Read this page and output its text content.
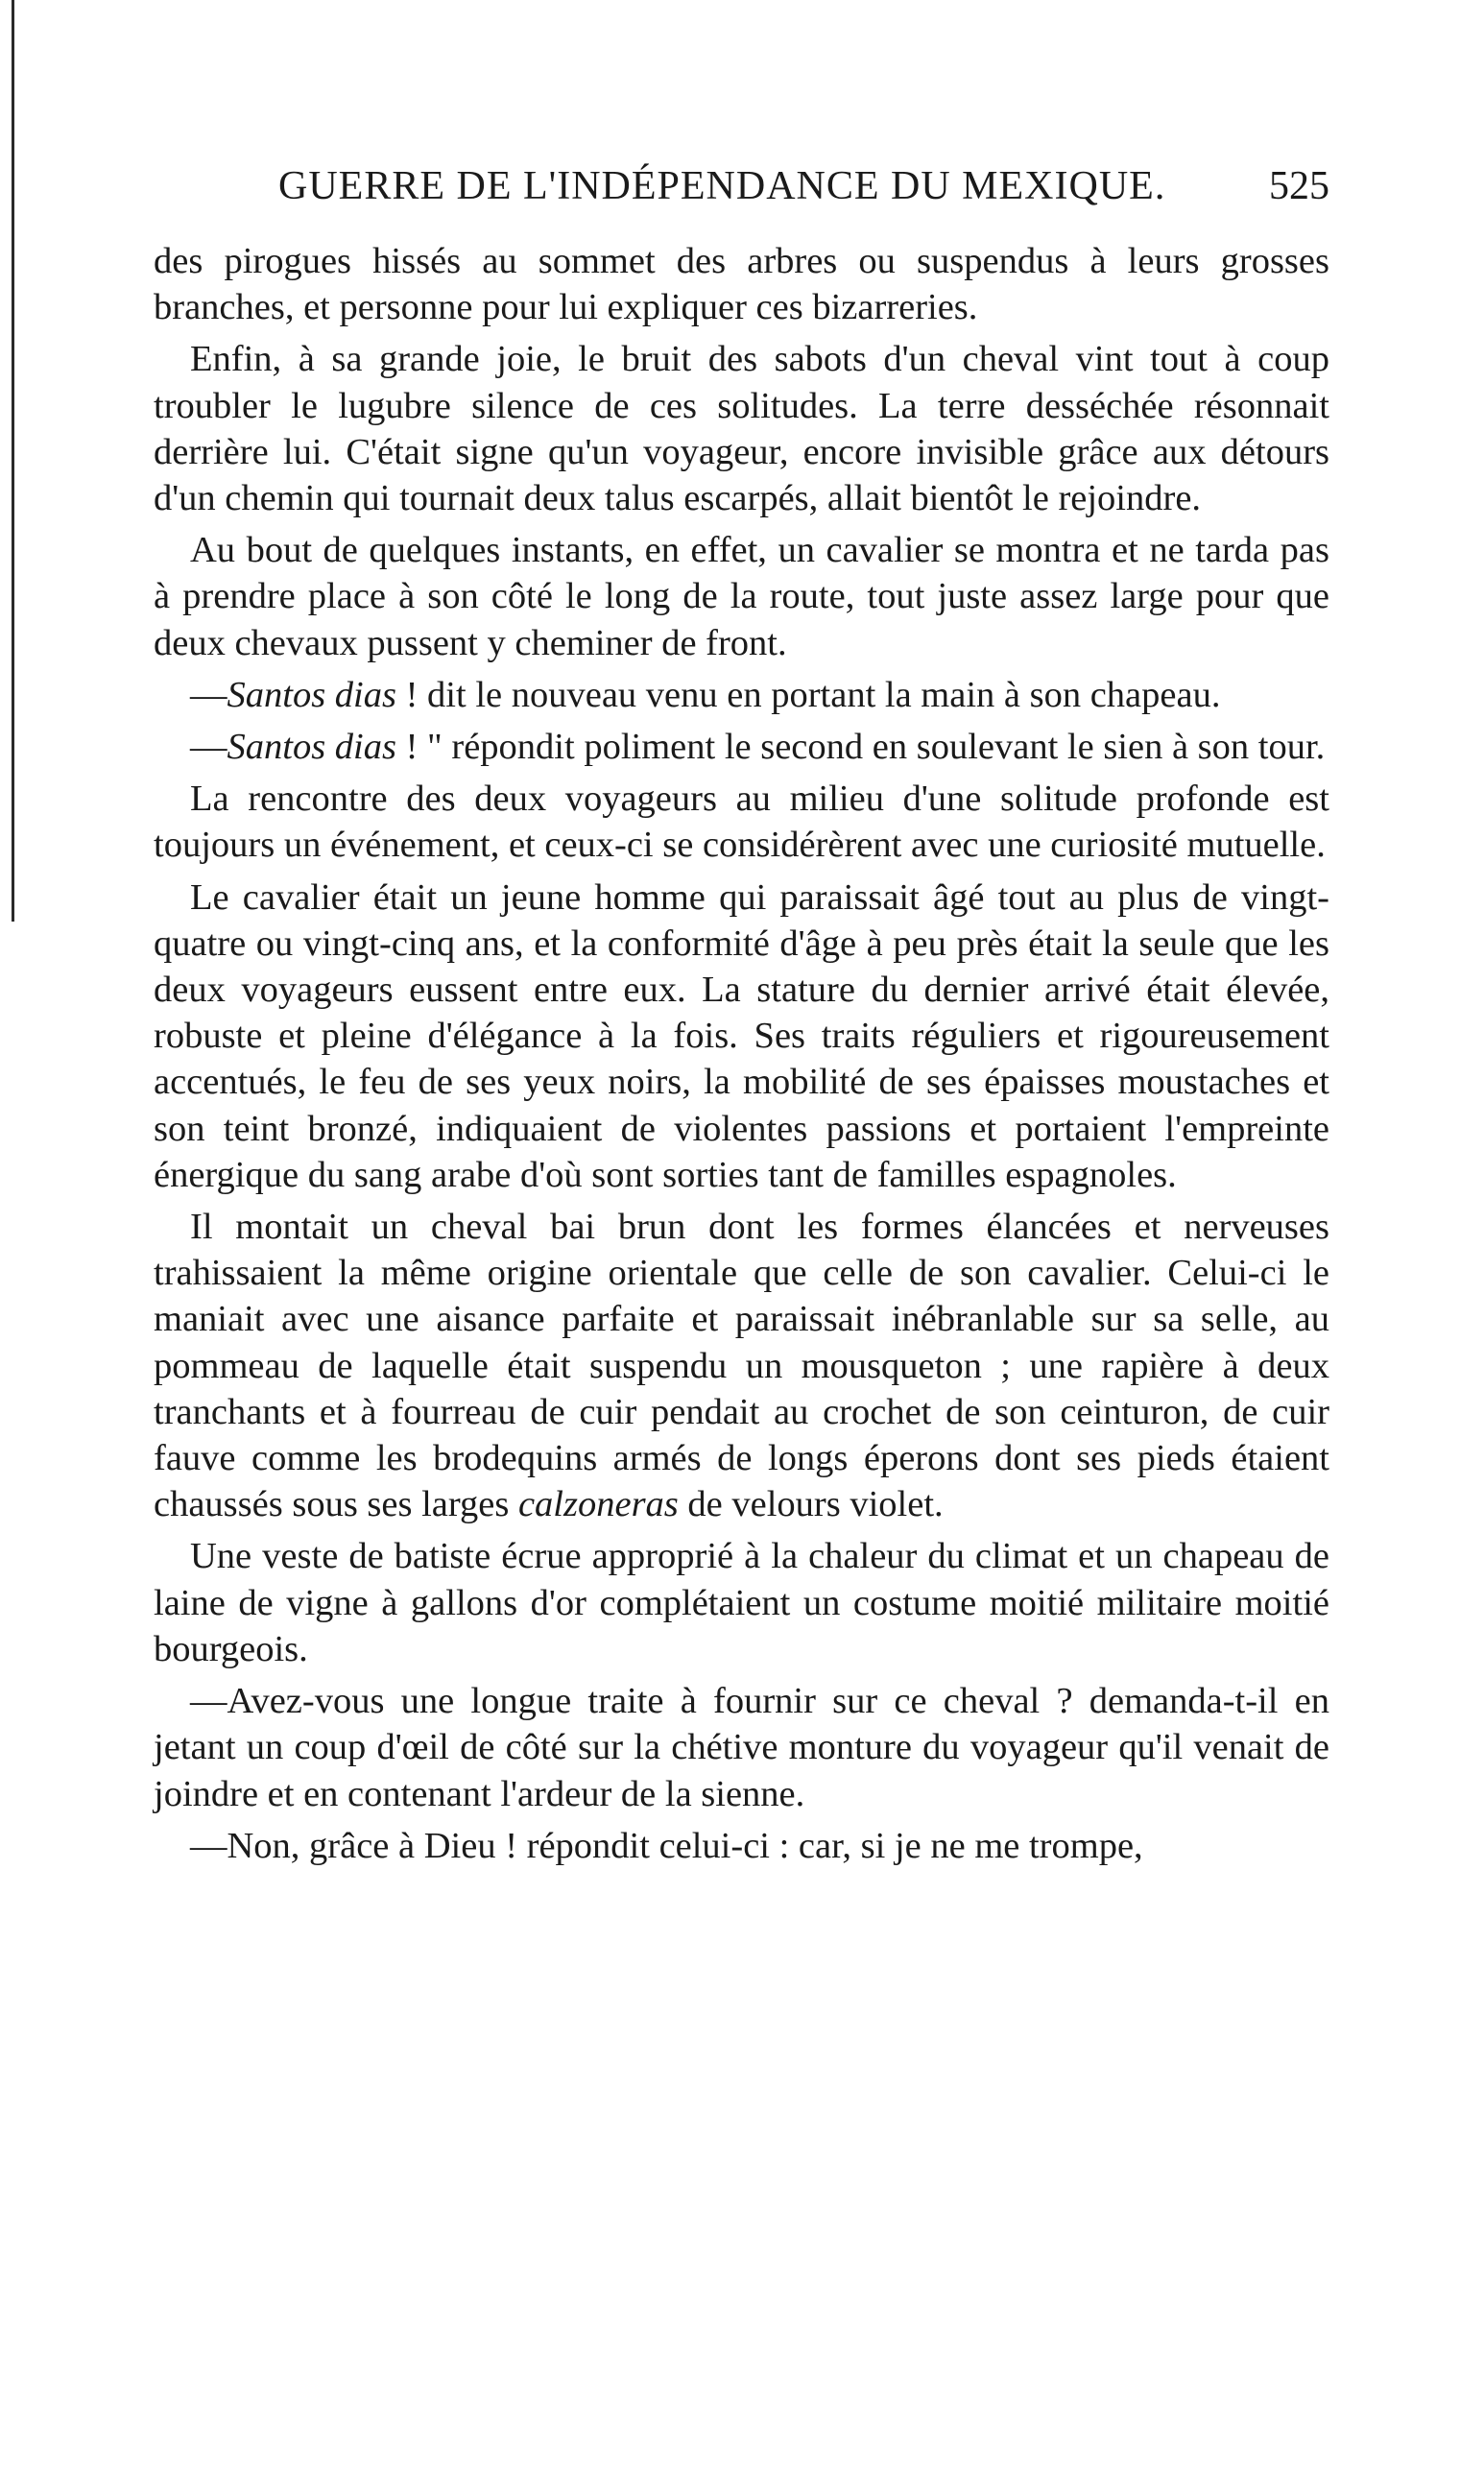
GUERRE DE L'INDÉPENDANCE DU MEXIQUE.	525

des pirogues hissés au sommet des arbres ou suspendus à leurs grosses branches, et personne pour lui expliquer ces bizarreries.

Enfin, à sa grande joie, le bruit des sabots d'un cheval vint tout à coup troubler le lugubre silence de ces solitudes. La terre desséchée résonnait derrière lui. C'était signe qu'un voyageur, encore invisible grâce aux détours d'un chemin qui tournait deux talus escarpés, allait bientôt le rejoindre.

Au bout de quelques instants, en effet, un cavalier se montra et ne tarda pas à prendre place à son côté le long de la route, tout juste assez large pour que deux chevaux pussent y cheminer de front.

—Santos dias ! dit le nouveau venu en portant la main à son chapeau.

—Santos dias ! " répondit poliment le second en soulevant le sien à son tour.

La rencontre des deux voyageurs au milieu d'une solitude profonde est toujours un événement, et ceux-ci se considérèrent avec une curiosité mutuelle.

Le cavalier était un jeune homme qui paraissait âgé tout au plus de vingt-quatre ou vingt-cinq ans, et la conformité d'âge à peu près était la seule que les deux voyageurs eussent entre eux. La stature du dernier arrivé était élevée, robuste et pleine d'élégance à la fois. Ses traits réguliers et rigoureusement accentués, le feu de ses yeux noirs, la mobilité de ses épaisses moustaches et son teint bronzé, indiquaient de violentes passions et portaient l'empreinte énergique du sang arabe d'où sont sorties tant de familles espagnoles.

Il montait un cheval bai brun dont les formes élancées et nerveuses trahissaient la même origine orientale que celle de son cavalier. Celui-ci le maniait avec une aisance parfaite et paraissait inébranlable sur sa selle, au pommeau de laquelle était suspendu un mousqueton ; une rapière à deux tranchants et à fourreau de cuir pendait au crochet de son ceinturon, de cuir fauve comme les brodequins armés de longs éperons dont ses pieds étaient chaussés sous ses larges calzoneras de velours violet.

Une veste de batiste écrue approprié à la chaleur du climat et un chapeau de laine de vigne à gallons d'or complétaient un costume moitié militaire moitié bourgeois.

—Avez-vous une longue traite à fournir sur ce cheval ? demanda-t-il en jetant un coup d'œil de côté sur la chétive monture du voyageur qu'il venait de joindre et en contenant l'ardeur de la sienne.

—Non, grâce à Dieu ! répondit celui-ci : car, si je ne me trompe,
